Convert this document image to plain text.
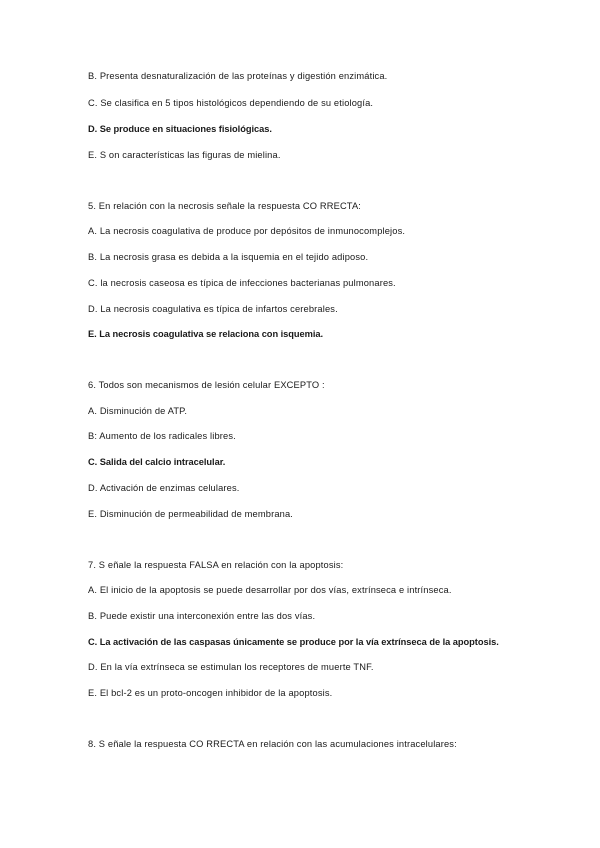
B. Presenta desnaturalización de las proteínas y digestión enzimática.
C. Se clasifica en 5 tipos histológicos dependiendo de su etiología.
D. Se produce en situaciones fisiológicas.
E. S on características las figuras de mielina.
5. En relación con la necrosis señale la respuesta CO RRECTA:
A. La necrosis coagulativa de produce por depósitos de inmunocomplejos.
B. La necrosis grasa es debida a la isquemia en el tejido adiposo.
C. la necrosis caseosa es típica de infecciones bacterianas pulmonares.
D. La necrosis coagulativa es típica de infartos cerebrales.
E. La necrosis coagulativa se relaciona con isquemia.
6. Todos son mecanismos de lesión celular EXCEPTO :
A. Disminución de ATP.
B: Aumento de los radicales libres.
C. Salida del calcio intracelular.
D. Activación de enzimas celulares.
E. Disminución de permeabilidad de membrana.
7. S eñale la respuesta FALSA en relación con la apoptosis:
A. El inicio de la apoptosis se puede desarrollar por dos vías, extrínseca e intrínseca.
B. Puede existir una interconexión entre las dos vías.
C. La activación de las caspasas únicamente se produce por la vía extrínseca de la apoptosis.
D. En la vía extrínseca se estimulan los receptores de muerte TNF.
E. El bcl-2 es un proto-oncogen inhibidor de la apoptosis.
8. S eñale la respuesta CO RRECTA en relación con las acumulaciones intracelulares:
